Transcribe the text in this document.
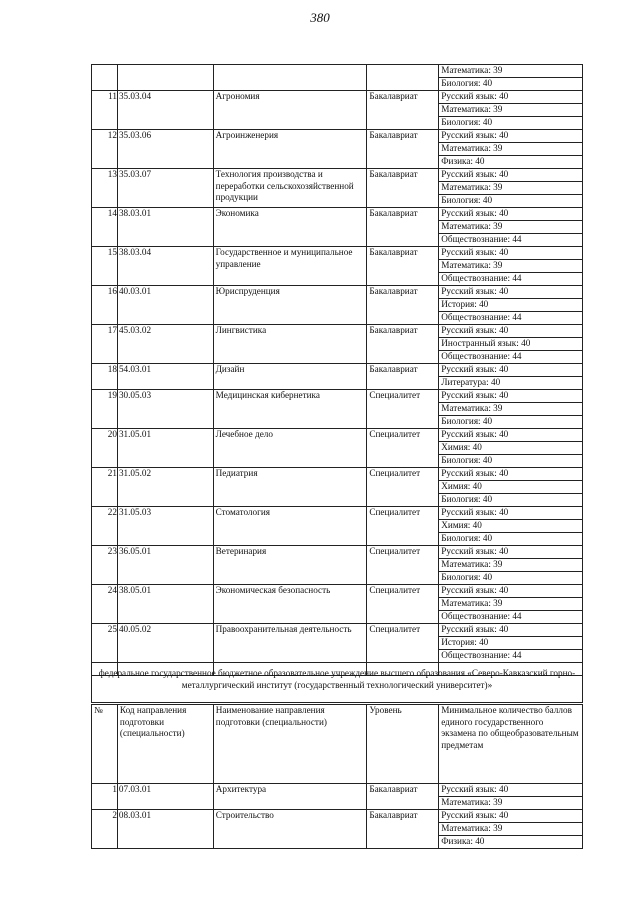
380
				Математика: 39
				Биология: 40
11	35.03.04	Агрономия	Бакалавриат	Русский язык: 40
				Математика: 39
				Биология: 40
12	35.03.06	Агроинженерия	Бакалавриат	Русский язык: 40
				Математика: 39
				Физика: 40
13	35.03.07	Технология производства и переработки сельскохозяйственной продукции	Бакалавриат	Русский язык: 40
				Математика: 39
				Биология: 40
14	38.03.01	Экономика	Бакалавриат	Русский язык: 40
				Математика: 39
				Обществознание: 44
15	38.03.04	Государственное и муниципальное управление	Бакалавриат	Русский язык: 40
				Математика: 39
				Обществознание: 44
16	40.03.01	Юриспруденция	Бакалавриат	Русский язык: 40
				История: 40
				Обществознание: 44
17	45.03.02	Лингвистика	Бакалавриат	Русский язык: 40
				Иностранный язык: 40
				Обществознание: 44
18	54.03.01	Дизайн	Бакалавриат	Русский язык: 40
				Литература: 40
19	30.05.03	Медицинская кибернетика	Специалитет	Русский язык: 40
				Математика: 39
				Биология: 40
20	31.05.01	Лечебное дело	Специалитет	Русский язык: 40
				Химия: 40
				Биология: 40
21	31.05.02	Педиатрия	Специалитет	Русский язык: 40
				Химия: 40
				Биология: 40
22	31.05.03	Стоматология	Специалитет	Русский язык: 40
				Химия: 40
				Биология: 40
23	36.05.01	Ветеринария	Специалитет	Русский язык: 40
				Математика: 39
				Биология: 40
24	38.05.01	Экономическая безопасность	Специалитет	Русский язык: 40
				Математика: 39
				Обществознание: 44
25	40.05.02	Правоохранительная деятельность	Специалитет	Русский язык: 40
				История: 40
				Обществознание: 44

федеральное государственное бюджетное образовательное учреждение высшего образования «Северо-Кавказский горно-металлургический институт (государственный технологический университет)»
№	Код направления подготовки (специальности)	Наименование направления подготовки (специальности)	Уровень	Минимальное количество баллов единого государственного экзамена по общеобразовательным предметам
1	07.03.01	Архитектура	Бакалавриат	Русский язык: 40
				Математика: 39
2	08.03.01	Строительство	Бакалавриат	Русский язык: 40
				Математика: 39
				Физика: 40
